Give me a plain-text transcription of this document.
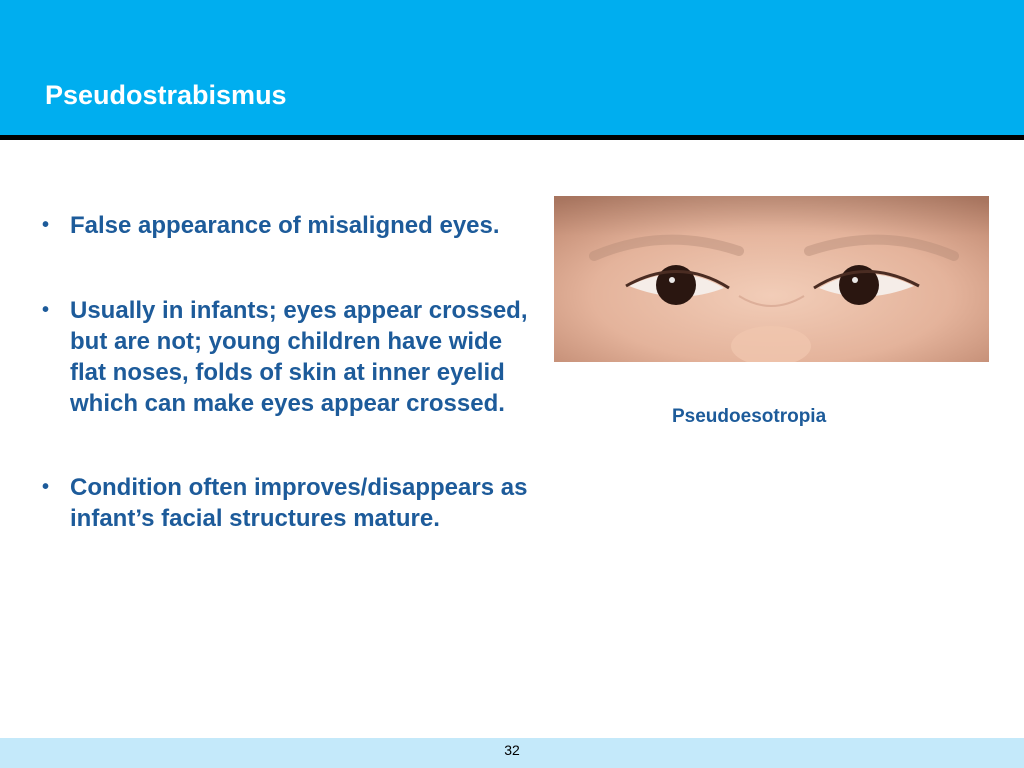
Pseudostrabismus
• False appearance of misaligned eyes.
• Usually in infants; eyes appear crossed, but are not; young children have wide flat noses, folds of skin at inner eyelid which can make eyes appear crossed.
• Condition often improves/disappears as infant’s facial structures mature.
Pseudoesotropia
32
